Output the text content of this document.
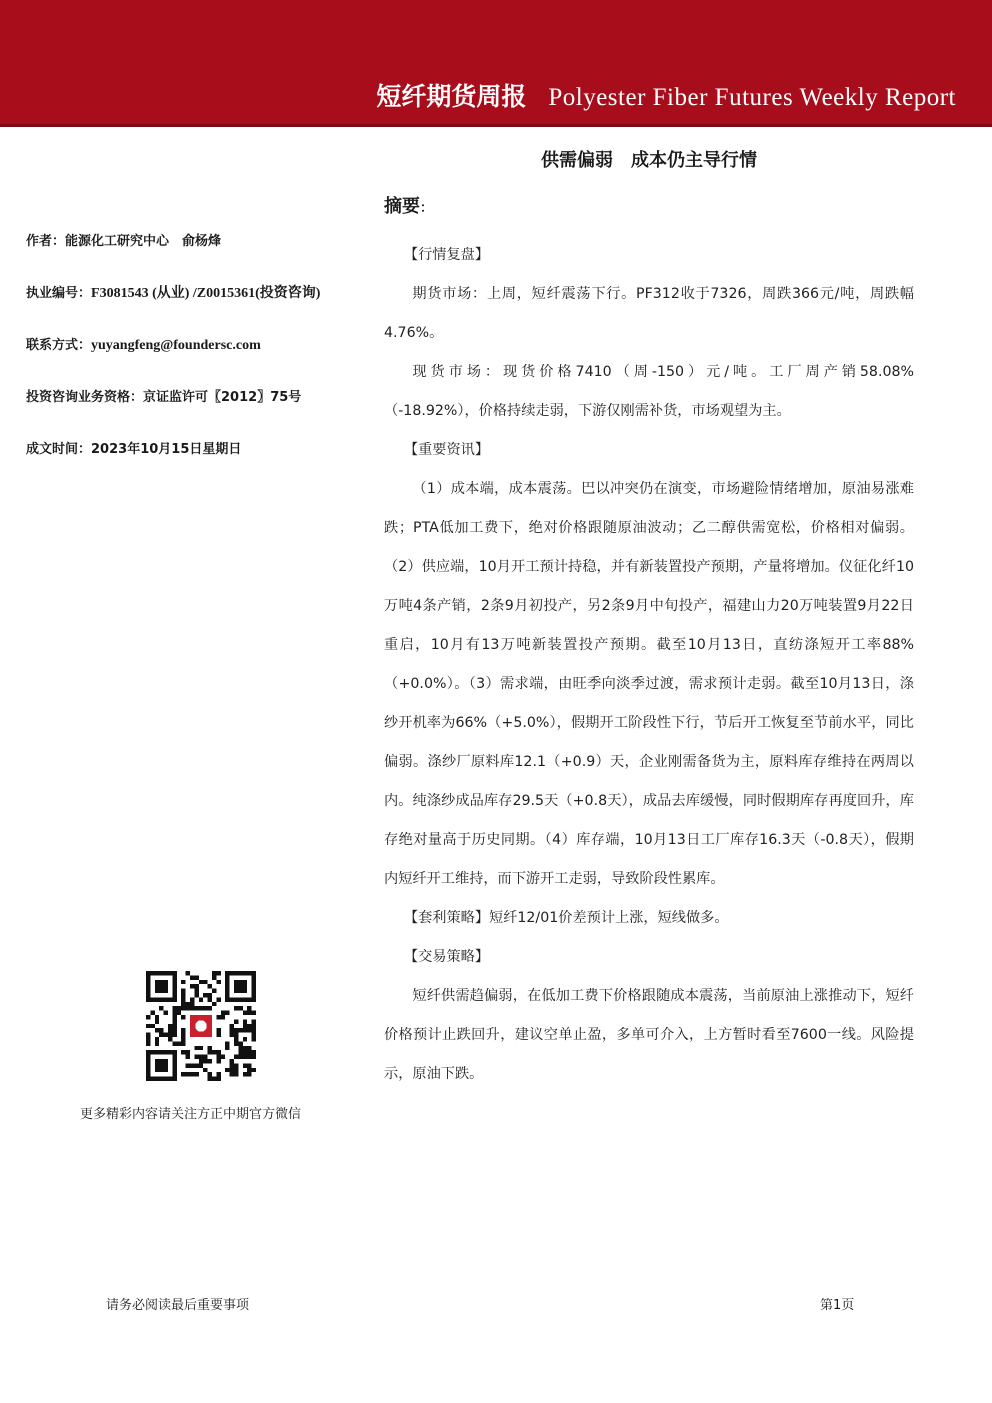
短纤期货周报 Polyester Fiber Futures Weekly Report
供需偏弱　成本仍主导行情
摘要：
作者：能源化工研究中心　俞杨烽
执业编号：F3081543 (从业) /Z0015361(投资咨询)
联系方式：yuyangfeng@foundersc.com
投资咨询业务资格：京证监许可〖2012〗75号
成文时间：2023年10月15日星期日
更多精彩内容请关注方正中期官方微信

【行情复盘】

期货市场：上周，短纤震荡下行。PF312收于7326，周跌366元/吨，周跌幅4.76%。

现货市场：现货价格7410（周-150）元/吨。工厂周产销58.08%（-18.92%），价格持续走弱，下游仅刚需补货，市场观望为主。

【重要资讯】

（1）成本端，成本震荡。巴以冲突仍在演变，市场避险情绪增加，原油易涨难跌；PTA低加工费下，绝对价格跟随原油波动；乙二醇供需宽松，价格相对偏弱。（2）供应端，10月开工预计持稳，并有新装置投产预期，产量将增加。仪征化纤10万吨4条产销，2条9月初投产，另2条9月中旬投产，福建山力20万吨装置9月22日重启，10月有13万吨新装置投产预期。截至10月13日，直纺涤短开工率88%（+0.0%）。（3）需求端，由旺季向淡季过渡，需求预计走弱。截至10月13日，涤纱开机率为66%（+5.0%），假期开工阶段性下行，节后开工恢复至节前水平，同比偏弱。涤纱厂原料库12.1（+0.9）天，企业刚需备货为主，原料库存维持在两周以内。纯涤纱成品库存29.5天（+0.8天），成品去库缓慢，同时假期库存再度回升，库存绝对量高于历史同期。（4）库存端，10月13日工厂库存16.3天（-0.8天），假期内短纤开工维持，而下游开工走弱，导致阶段性累库。

【套利策略】短纤12/01价差预计上涨，短线做多。

【交易策略】

短纤供需趋偏弱，在低加工费下价格跟随成本震荡，当前原油上涨推动下，短纤价格预计止跌回升，建议空单止盈，多单可介入，上方暂时看至7600一线。风险提示，原油下跌。

请务必阅读最后重要事项	第1页
